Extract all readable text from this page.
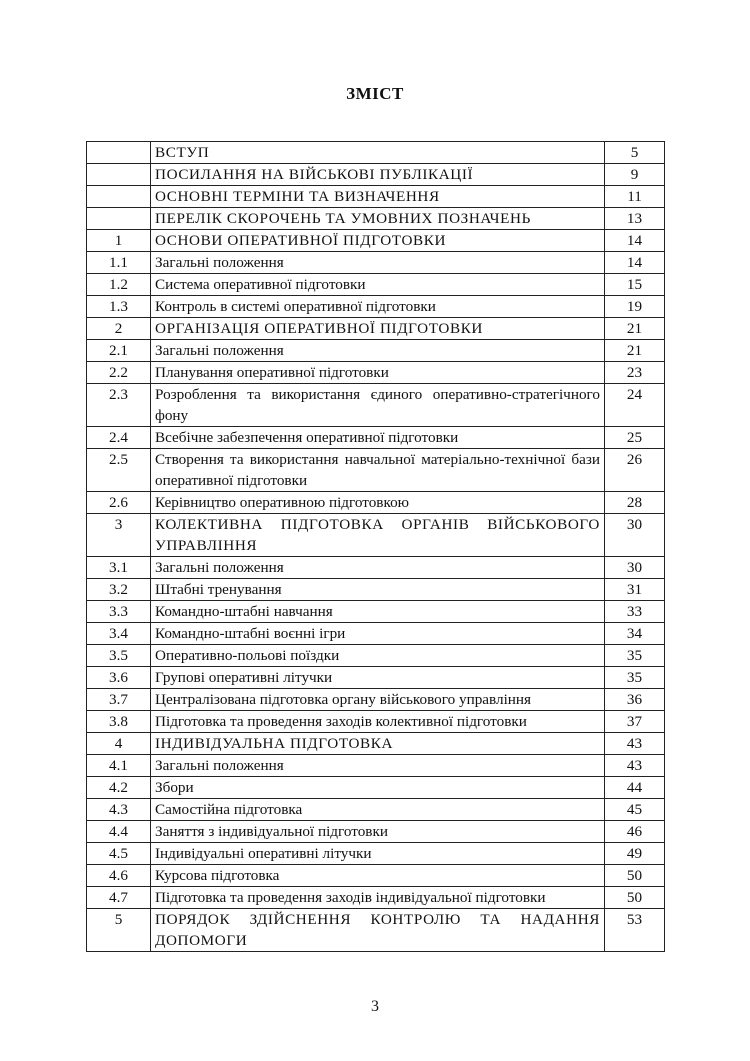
ЗМІСТ
	ВСТУП	5
	ПОСИЛАННЯ НА ВІЙСЬКОВІ ПУБЛІКАЦІЇ	9
	ОСНОВНІ ТЕРМІНИ ТА ВИЗНАЧЕННЯ	11
	ПЕРЕЛІК СКОРОЧЕНЬ ТА УМОВНИХ ПОЗНАЧЕНЬ	13
1	ОСНОВИ ОПЕРАТИВНОЇ ПІДГОТОВКИ	14
1.1	Загальні положення	14
1.2	Система оперативної підготовки	15
1.3	Контроль в системі оперативної підготовки	19
2	ОРГАНІЗАЦІЯ ОПЕРАТИВНОЇ ПІДГОТОВКИ	21
2.1	Загальні положення	21
2.2	Планування оперативної підготовки	23
2.3	Розроблення та використання єдиного оперативно-стратегічного фону	24
2.4	Всебічне забезпечення оперативної підготовки	25
2.5	Створення та використання навчальної матеріально-технічної бази оперативної підготовки	26
2.6	Керівництво оперативною підготовкою	28
3	КОЛЕКТИВНА ПІДГОТОВКА ОРГАНІВ ВІЙСЬКОВОГО УПРАВЛІННЯ	30
3.1	Загальні положення	30
3.2	Штабні тренування	31
3.3	Командно-штабні навчання	33
3.4	Командно-штабні воєнні ігри	34
3.5	Оперативно-польові поїздки	35
3.6	Групові оперативні літучки	35
3.7	Централізована підготовка органу військового управління	36
3.8	Підготовка та проведення заходів колективної підготовки	37
4	ІНДИВІДУАЛЬНА ПІДГОТОВКА	43
4.1	Загальні положення	43
4.2	Збори	44
4.3	Самостійна підготовка	45
4.4	Заняття з індивідуальної підготовки	46
4.5	Індивідуальні оперативні літучки	49
4.6	Курсова підготовка	50
4.7	Підготовка та проведення заходів індивідуальної підготовки	50
5	ПОРЯДОК ЗДІЙСНЕННЯ КОНТРОЛЮ ТА НАДАННЯ ДОПОМОГИ	53
3
